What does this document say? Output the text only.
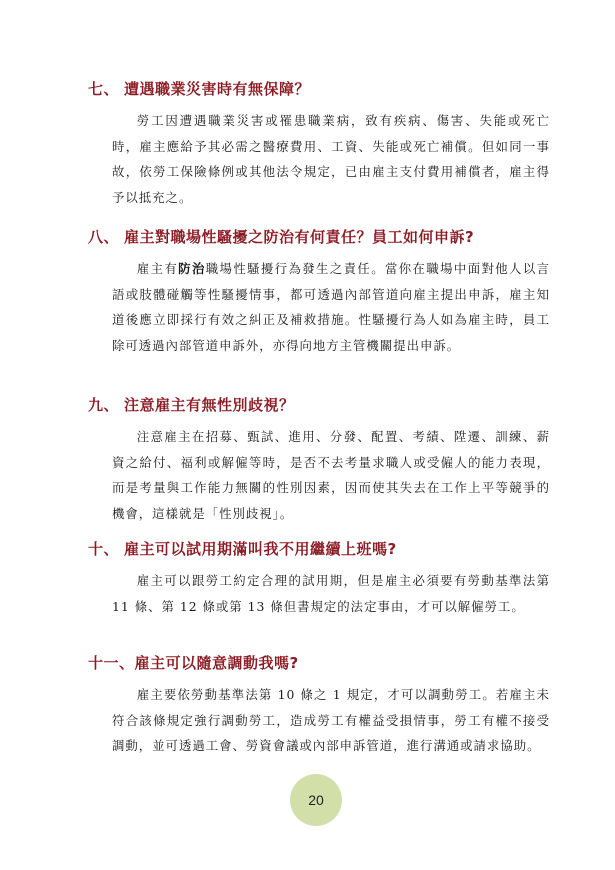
七、 遭遇職業災害時有無保障？
勞工因遭遇職業災害或罹患職業病，致有疾病、傷害、失能或死亡時，雇主應給予其必需之醫療費用、工資、失能或死亡補償。但如同一事故，依勞工保險條例或其他法令規定，已由雇主支付費用補償者，雇主得予以抵充之。
八、 雇主對職場性騷擾之防治有何責任？員工如何申訴?
雇主有防治職場性騷擾行為發生之責任。當你在職場中面對他人以言語或肢體碰觸等性騷擾情事，都可透過內部管道向雇主提出申訴，雇主知道後應立即採行有效之糾正及補救措施。性騷擾行為人如為雇主時，員工除可透過內部管道申訴外，亦得向地方主管機關提出申訴。
九、 注意雇主有無性別歧視？
注意雇主在招募、甄試、進用、分發、配置、考績、陞遷、訓練、薪資之給付、福利或解僱等時，是否不去考量求職人或受僱人的能力表現，而是考量與工作能力無關的性別因素，因而使其失去在工作上平等競爭的機會，這樣就是「性別歧視」。
十、 雇主可以試用期滿叫我不用繼續上班嗎?
雇主可以跟勞工約定合理的試用期，但是雇主必須要有勞動基準法第 11 條、第 12 條或第 13 條但書規定的法定事由，才可以解僱勞工。
十一、雇主可以隨意調動我嗎?
雇主要依勞動基準法第 10 條之 1 規定，才可以調動勞工。若雇主未符合該條規定強行調動勞工，造成勞工有權益受損情事，勞工有權不接受調動，並可透過工會、勞資會議或內部申訴管道，進行溝通或請求協助。
20
